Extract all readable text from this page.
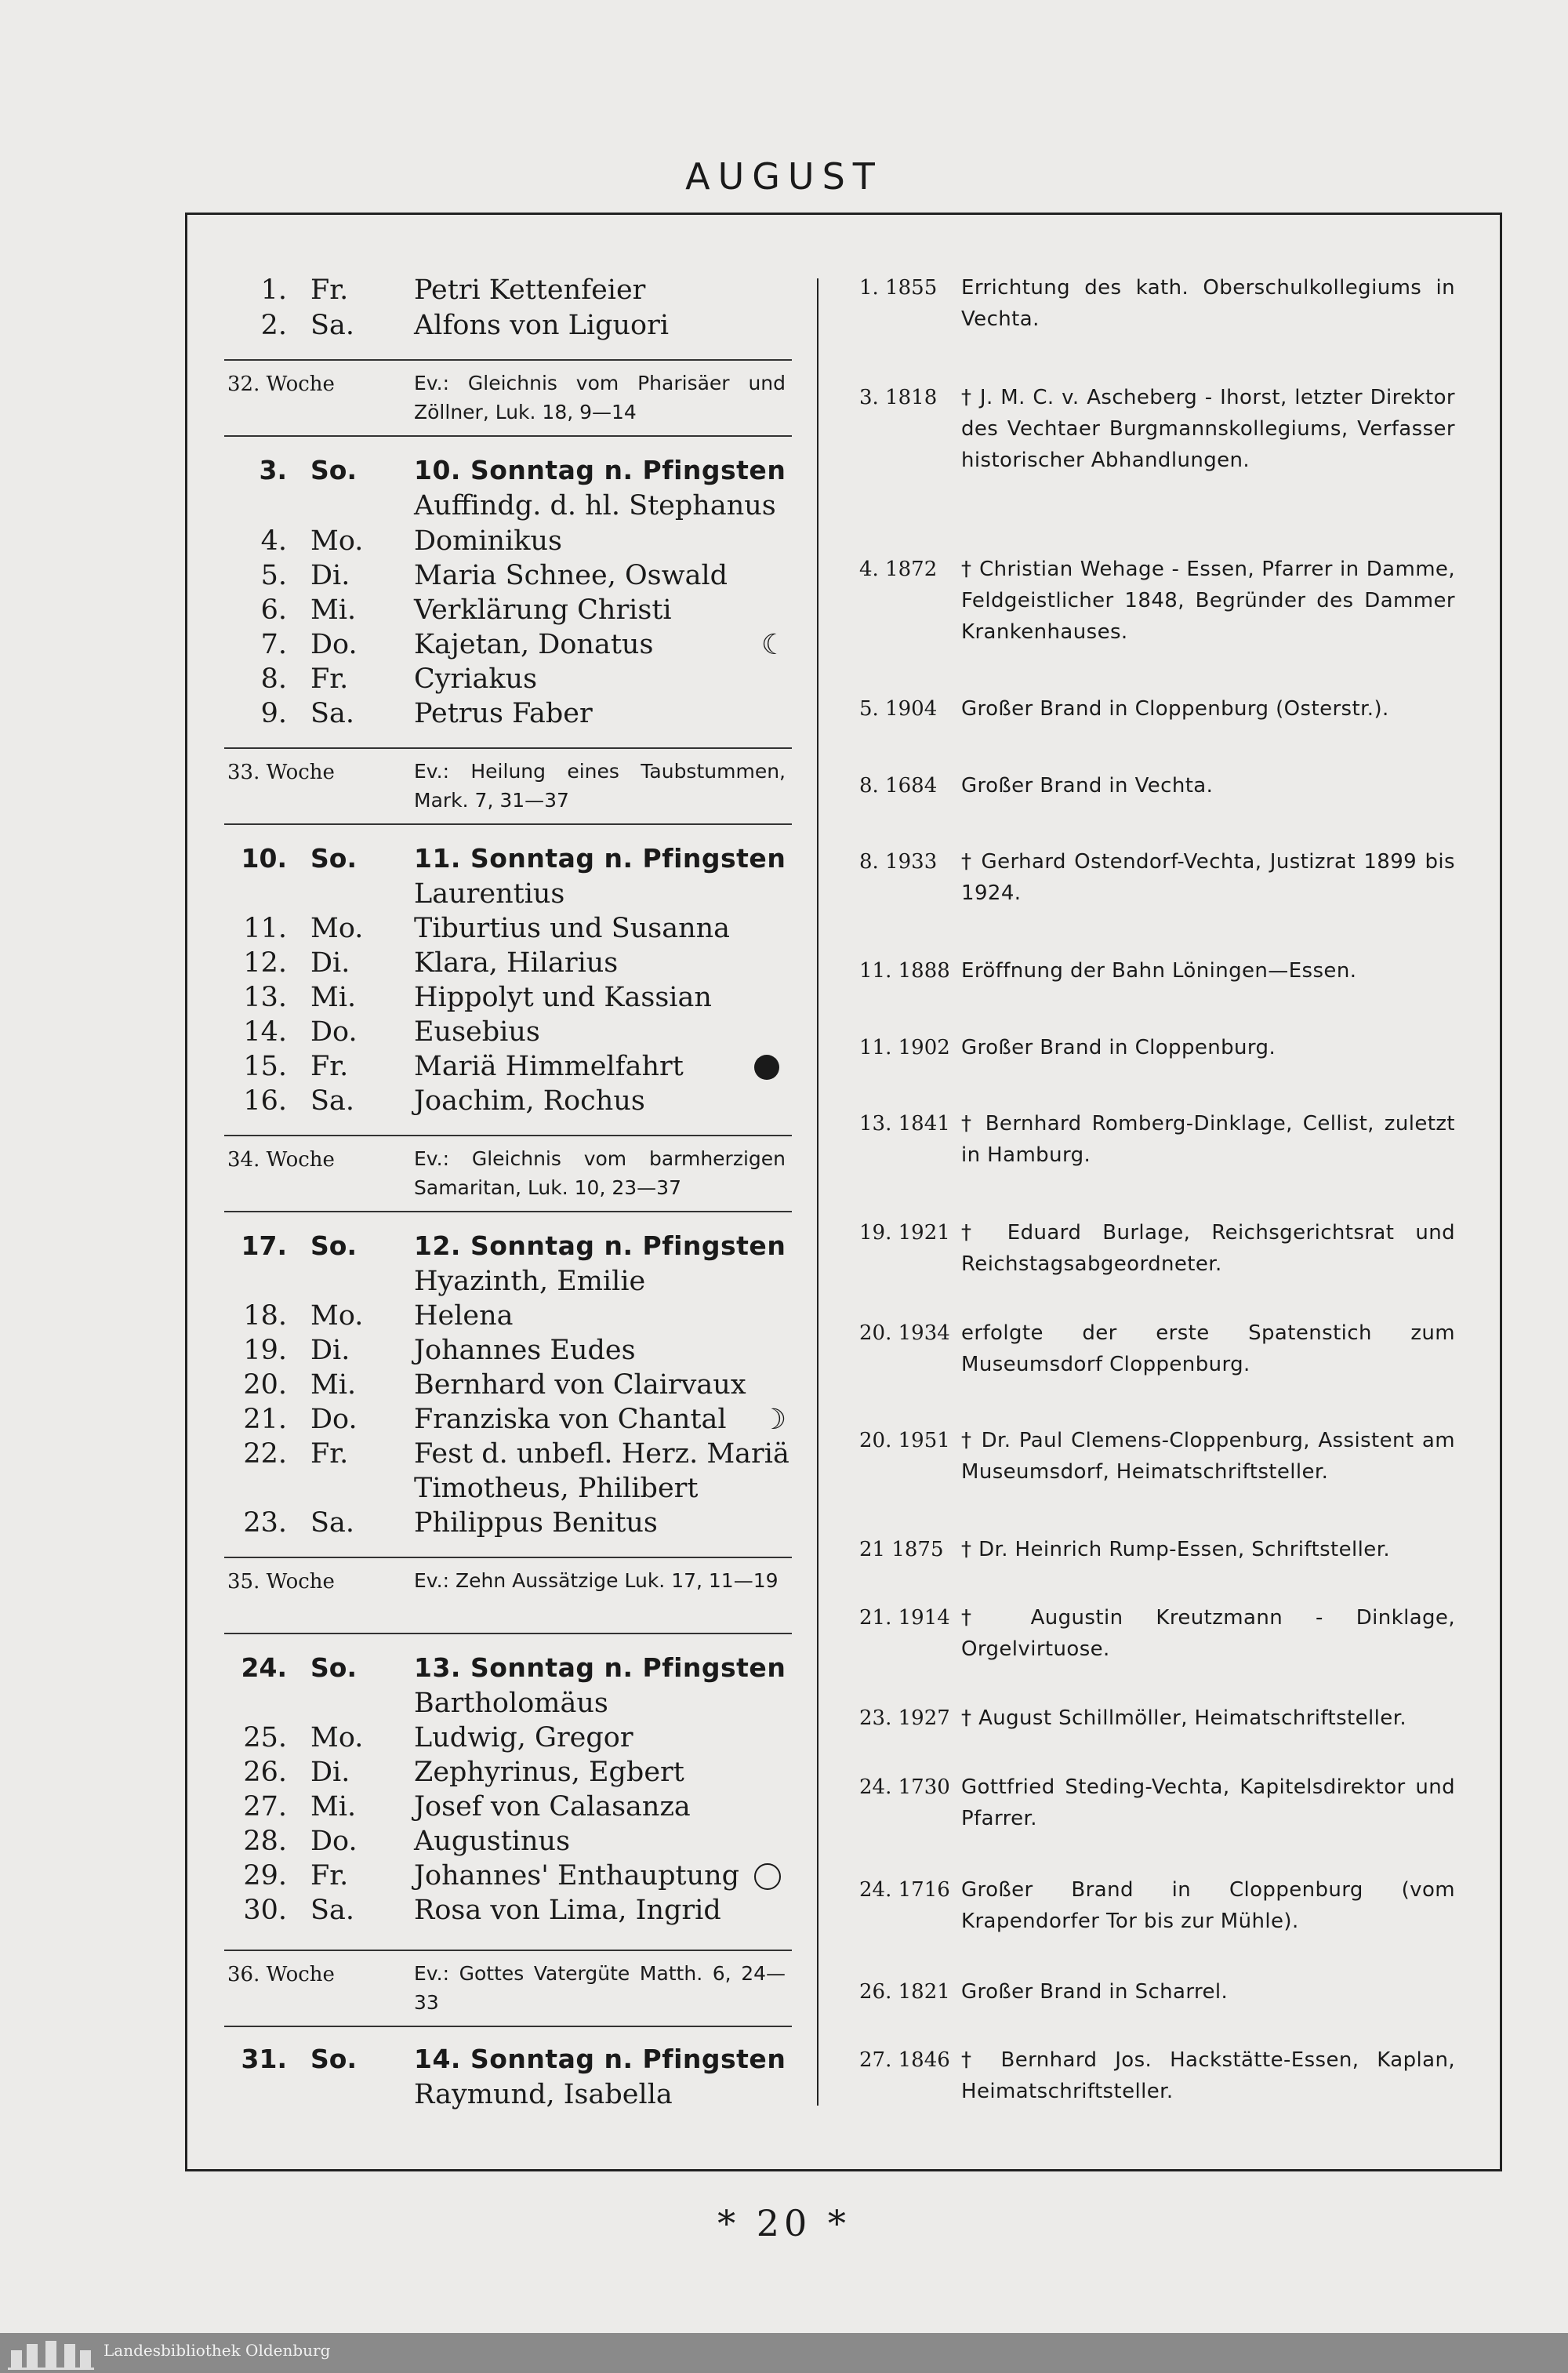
AUGUST
1. Fr. Petri Kettenfeier
2. Sa. Alfons von Liguori
32. Woche	Ev.: Gleichnis vom Pharisäer und Zöllner, Luk. 18, 9—14
3. So. 10. Sonntag n. Pfingsten
Auffindg. d. hl. Stephanus
4. Mo. Dominikus
5. Di. Maria Schnee, Oswald
6. Mi. Verklärung Christi
7. Do. Kajetan, Donatus	☾
8. Fr. Cyriakus
9. Sa. Petrus Faber
33. Woche	Ev.: Heilung eines Taubstummen, Mark. 7, 31—37
10. So. 11. Sonntag n. Pfingsten
Laurentius
11. Mo. Tiburtius und Susanna
12. Di. Klara, Hilarius
13. Mi. Hippolyt und Kassian
14. Do. Eusebius
15. Fr. Mariä Himmelfahrt
16. Sa. Joachim, Rochus
34. Woche	Ev.: Gleichnis vom barmherzigen Samaritan, Luk. 10, 23—37
17. So. 12. Sonntag n. Pfingsten
Hyazinth, Emilie
18. Mo. Helena
19. Di. Johannes Eudes
20. Mi. Bernhard von Clairvaux
21. Do. Franziska von Chantal ☽
22. Fr. Fest d. unbefl. Herz. Mariä
Timotheus, Philibert
23. Sa. Philippus Benitus
35. Woche	Ev.: Zehn Aussätzige Luk. 17, 11—19
24. So. 13. Sonntag n. Pfingsten
Bartholomäus
25. Mo. Ludwig, Gregor
26. Di. Zephyrinus, Egbert
27. Mi. Josef von Calasanza
28. Do. Augustinus
29. Fr. Johannes' Enthauptung
30. Sa. Rosa von Lima, Ingrid
36. Woche	Ev.: Gottes Vatergüte Matth. 6, 24—33
31. So. 14. Sonntag n. Pfingsten
Raymund, Isabella
1. 1855 Errichtung des kath. Oberschulkollegiums in Vechta.
3. 1818 † J. M. C. v. Ascheberg - Ihorst, letzter Direktor des Vechtaer Burgmannskollegiums, Verfasser historischer Abhandlungen.
4. 1872 † Christian Wehage - Essen, Pfarrer in Damme, Feldgeistlicher 1848, Begründer des Dammer Krankenhauses.
5. 1904 Großer Brand in Cloppenburg (Osterstr.).
8. 1684 Großer Brand in Vechta.
8. 1933 † Gerhard Ostendorf-Vechta, Justizrat 1899 bis 1924.
11. 1888 Eröffnung der Bahn Löningen—Essen.
11. 1902 Großer Brand in Cloppenburg.
13. 1841 † Bernhard Romberg-Dinklage, Cellist, zuletzt in Hamburg.
19. 1921 † Eduard Burlage, Reichsgerichtsrat und Reichstagsabgeordneter.
20. 1934 erfolgte der erste Spatenstich zum Museumsdorf Cloppenburg.
20. 1951 † Dr. Paul Clemens-Cloppenburg, Assistent am Museumsdorf, Heimatschriftsteller.
21 1875 † Dr. Heinrich Rump-Essen, Schriftsteller.
21. 1914 † Augustin Kreutzmann - Dinklage, Orgelvirtuose.
23. 1927 † August Schillmöller, Heimatschriftsteller.
24. 1730 Gottfried Steding-Vechta, Kapitelsdirektor und Pfarrer.
24. 1716 Großer Brand in Cloppenburg (vom Krapendorfer Tor bis zur Mühle).
26. 1821 Großer Brand in Scharrel.
27. 1846 † Bernhard Jos. Hackstätte-Essen, Kaplan, Heimatschriftsteller.
* 20 *
Landesbibliothek Oldenburg
